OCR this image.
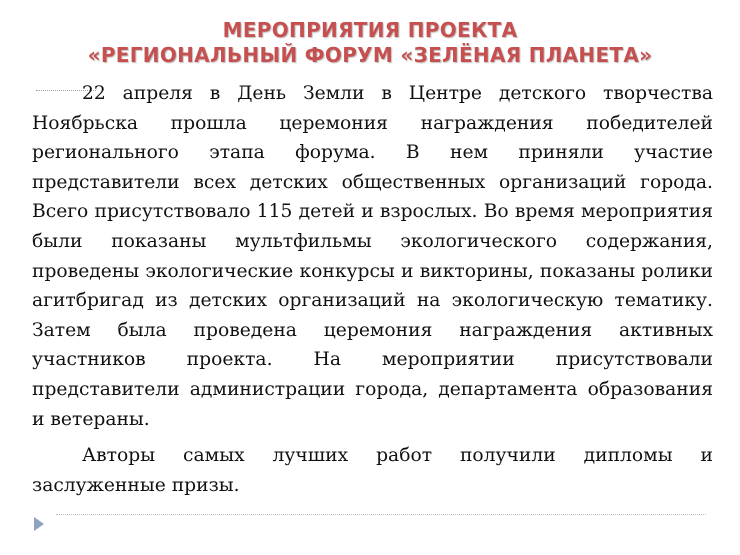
МЕРОПРИЯТИЯ ПРОЕКТА
«РЕГИОНАЛЬНЫЙ ФОРУМ «ЗЕЛЁНАЯ ПЛАНЕТА»

22 апреля в День Земли в Центре детского творчества Ноябрьска прошла церемония награждения победителей регионального этапа форума. В нем приняли участие представители всех детских общественных организаций города. Всего присутствовало 115 детей и взрослых. Во время мероприятия были показаны мультфильмы экологического содержания, проведены экологические конкурсы и викторины, показаны ролики агитбригад из детских организаций на экологическую тематику. Затем была проведена церемония награждения активных участников проекта. На мероприятии присутствовали представители администрации города, департамента образования и ветераны.

Авторы самых лучших работ получили дипломы и заслуженные призы.
